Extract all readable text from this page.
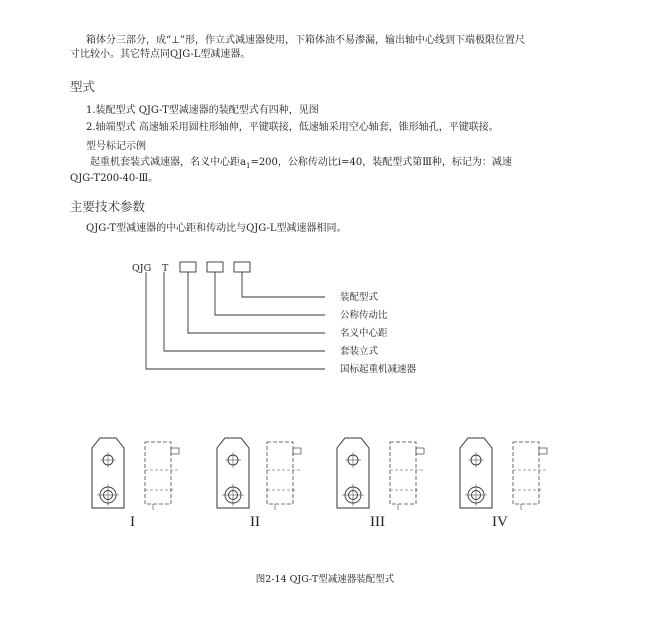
箱体分三部分，成“⊥”形，作立式减速器使用，下箱体油不易渗漏，输出轴中心线到下端极限位置尺
寸比较小。其它特点同QJG-L型减速器。
型式
1.装配型式 QJG-T型减速器的装配型式有四种，见图
2.轴端型式 高速轴采用圆柱形轴伸，平键联接，低速轴采用空心轴套，锥形轴孔，平键联接。
型号标记示例
起重机套装式减速器，名义中心距$a_1=200$，公称传动比i=40，装配型式第Ⅲ种，标记为：减速
QJG-T200-40-Ⅲ。
主要技术参数
QJG-T型减速器的中心距和传动比与QJG-L型减速器相同。
QJG T
装配型式
公称传动比
名义中心距
套装立式
国标起重机减速器
I	II	III	IV
图2-14 QJG-T型减速器装配型式
